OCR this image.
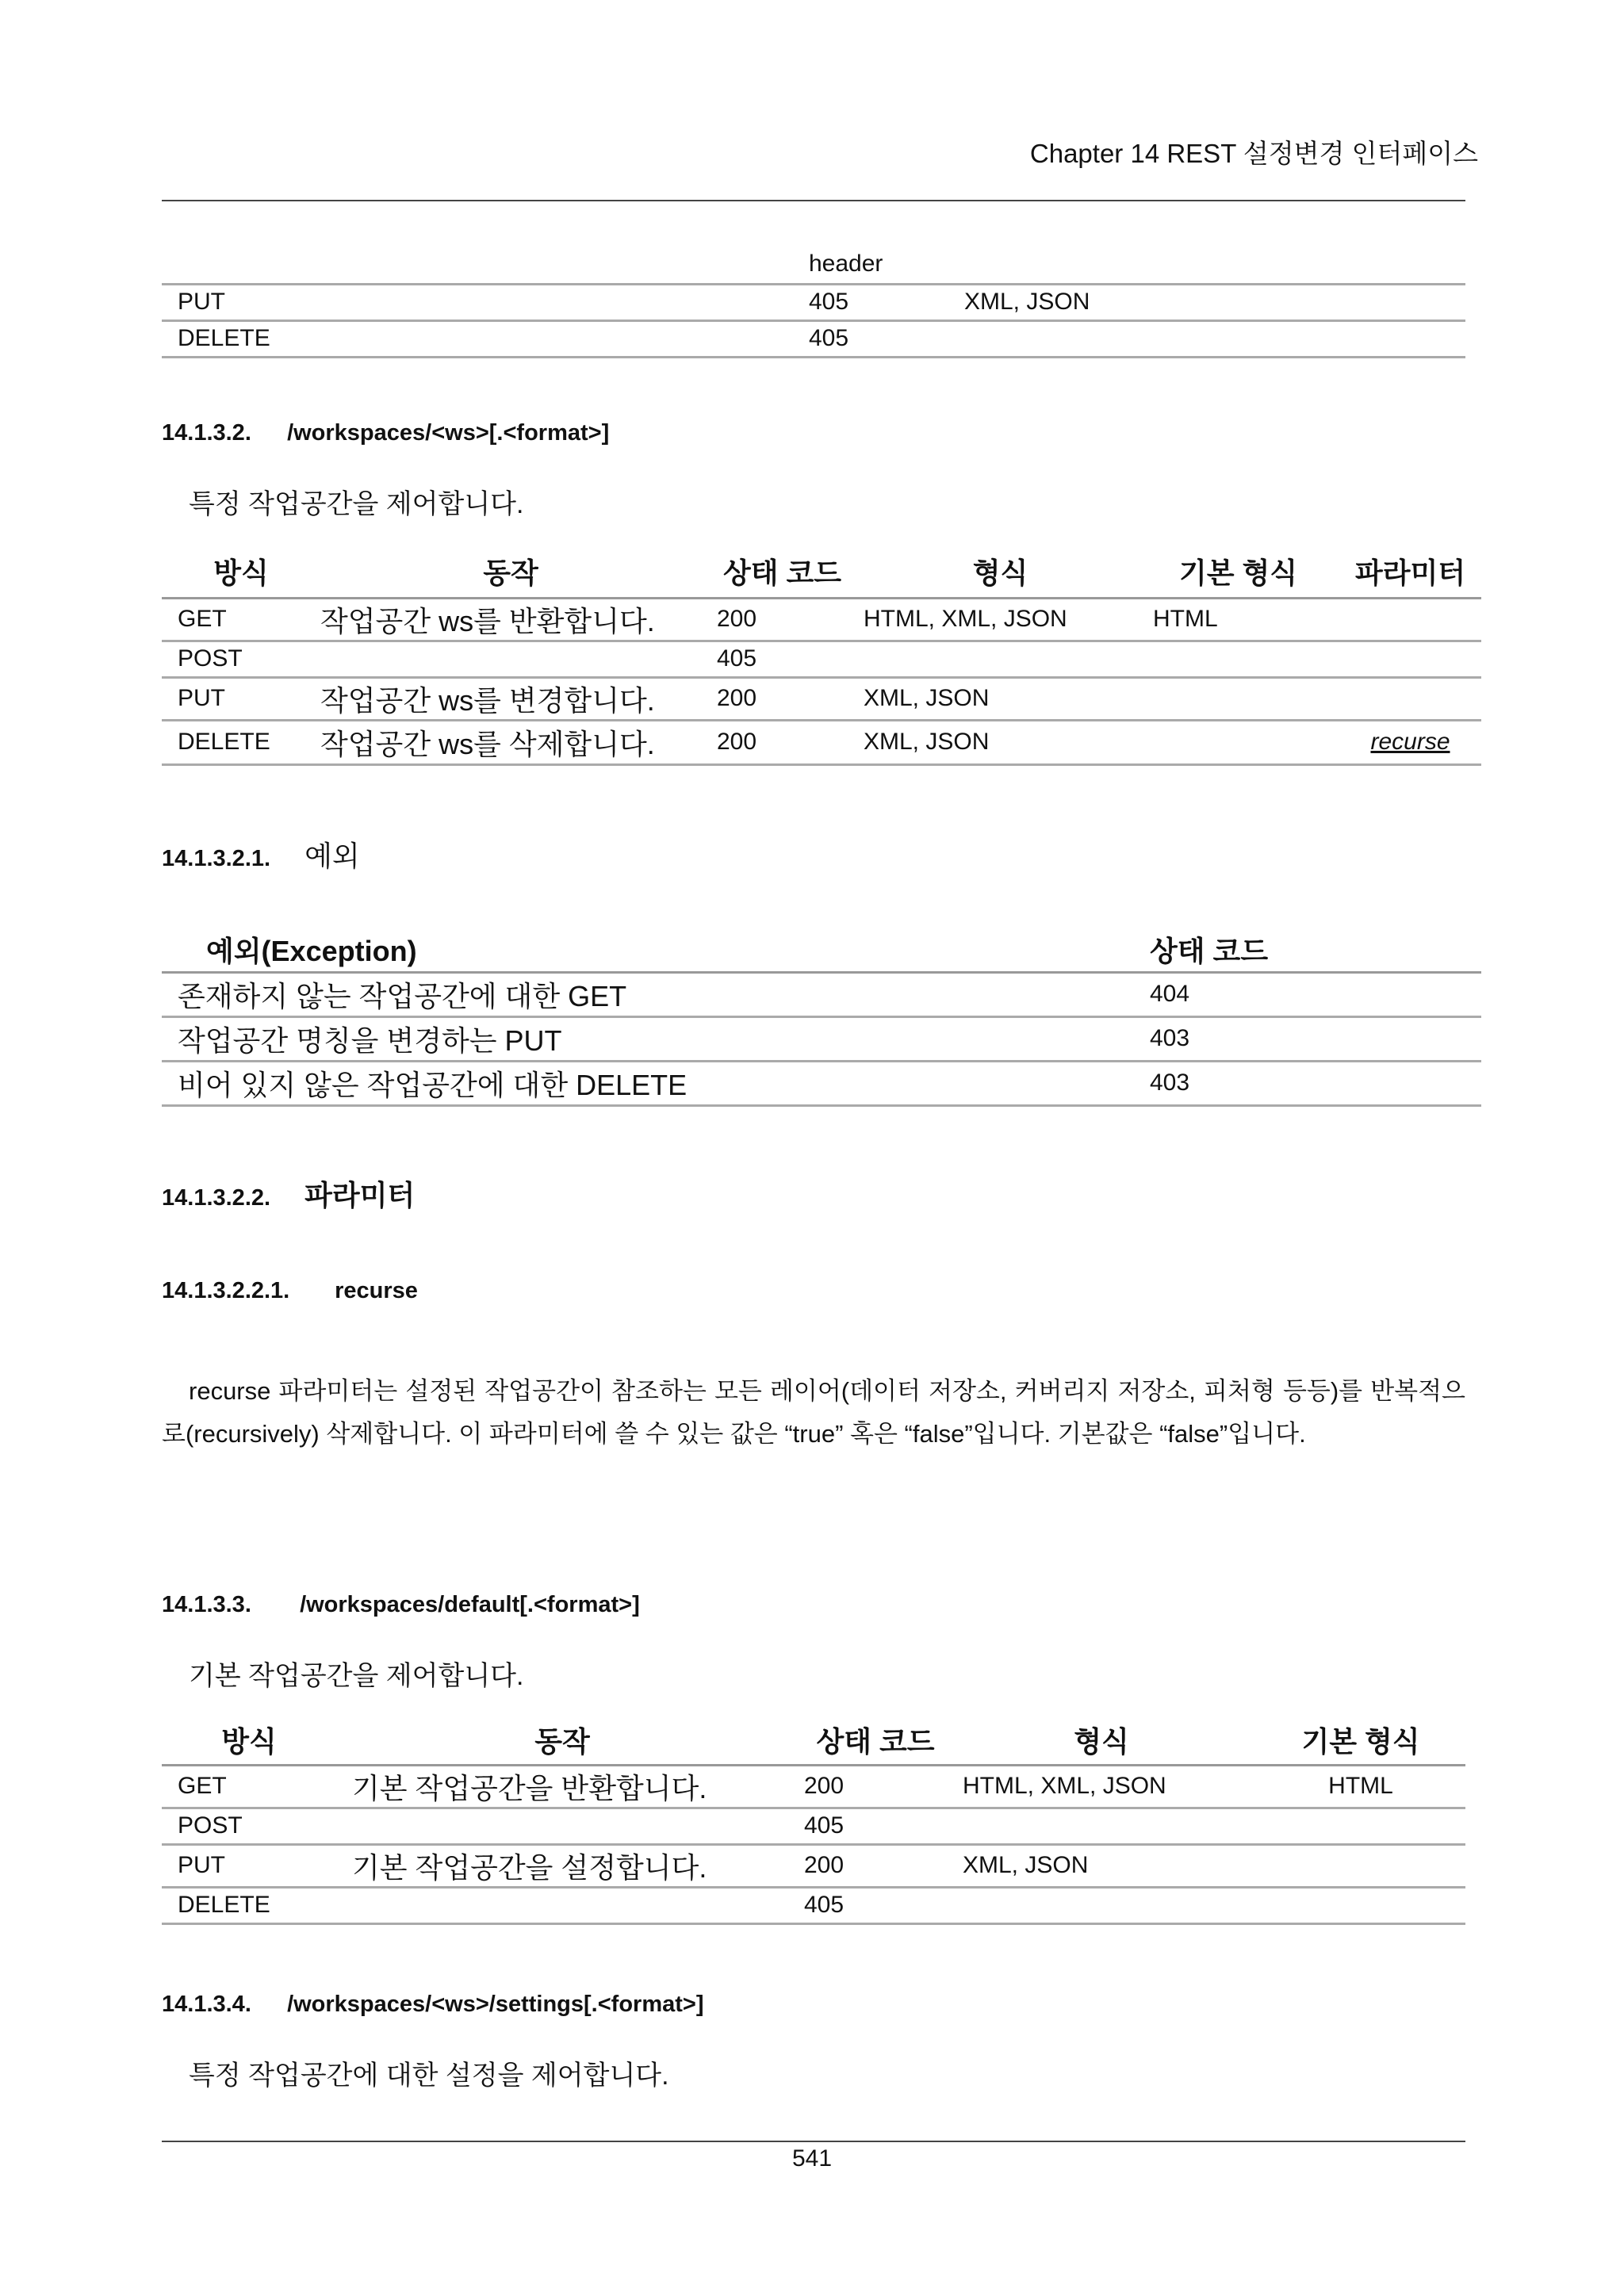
Chapter 14 REST 설정변경 인터페이스
	header	
PUT	405	XML, JSON
DELETE	405	
14.1.3.2. /workspaces/<ws>[.<format>]
특정 작업공간을 제어합니다.
방식	동작	상태 코드	형식	기본 형식	파라미터
GET	작업공간 ws를 반환합니다.	200	HTML, XML, JSON	HTML	
POST		405			
PUT	작업공간 ws를 변경합니다.	200	XML, JSON		
DELETE	작업공간 ws를 삭제합니다.	200	XML, JSON		recurse
14.1.3.2.1. 예외
예외(Exception)	상태 코드
존재하지 않는 작업공간에 대한 GET	404
작업공간 명칭을 변경하는 PUT	403
비어 있지 않은 작업공간에 대한 DELETE	403
14.1.3.2.2. 파라미터
14.1.3.2.2.1. recurse
recurse 파라미터는 설정된 작업공간이 참조하는 모든 레이어(데이터 저장소, 커버리지 저장소, 피처형 등등)를 반복적으로(recursively) 삭제합니다. 이 파라미터에 쓸 수 있는 값은 “true” 혹은 “false”입니다. 기본값은 “false”입니다.
14.1.3.3. /workspaces/default[.<format>]
기본 작업공간을 제어합니다.
방식	동작	상태 코드	형식	기본 형식
GET	기본 작업공간을 반환합니다.	200	HTML, XML, JSON	HTML
POST		405		
PUT	기본 작업공간을 설정합니다.	200	XML, JSON	
DELETE		405		
14.1.3.4. /workspaces/<ws>/settings[.<format>]
특정 작업공간에 대한 설정을 제어합니다.
541
